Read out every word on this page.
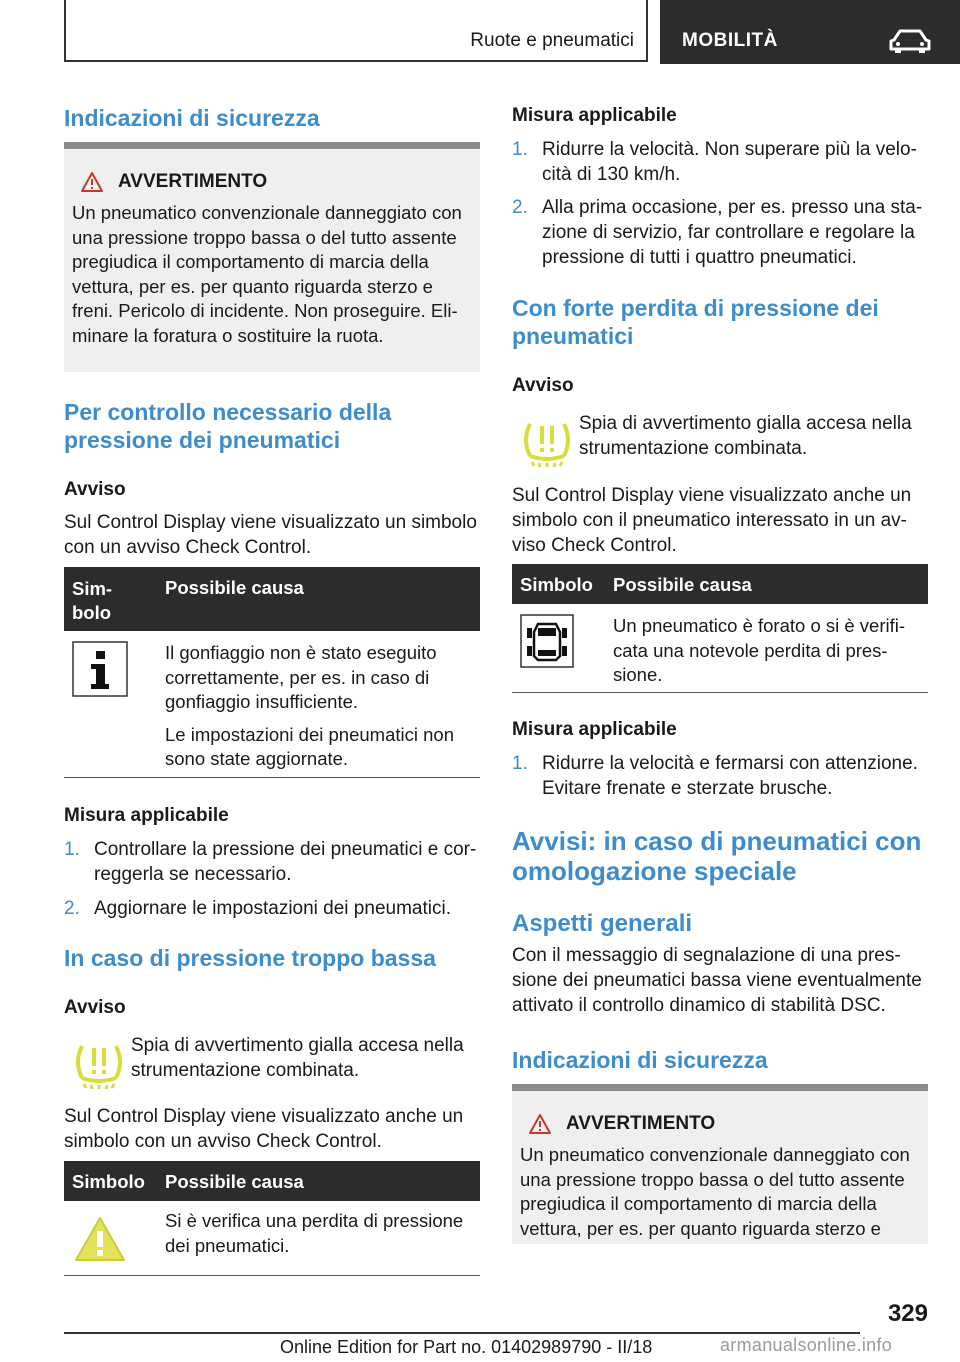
Ruote e pneumatici	MOBILITÀ
Indicazioni di sicurezza
AVVERTIMENTO
Un pneumatico convenzionale danneggiato con
una pressione troppo bassa o del tutto assente
pregiudica il comportamento di marcia della
vettura, per es. per quanto riguarda sterzo e
freni. Pericolo di incidente. Non proseguire. Eli-
minare la foratura o sostituire la ruota.
Per controllo necessario della
pressione dei pneumatici
Avviso
Sul Control Display viene visualizzato un simbolo
con un avviso Check Control.
Sim-
bolo
Possibile causa
Il gonfiaggio non è stato eseguito
correttamente, per es. in caso di
gonfiaggio insufficiente.
Le impostazioni dei pneumatici non
sono state aggiornate.
Misura applicabile
1. Controllare la pressione dei pneumatici e cor-
reggerla se necessario.
2. Aggiornare le impostazioni dei pneumatici.
In caso di pressione troppo bassa
Avviso
Spia di avvertimento gialla accesa nella
strumentazione combinata.
Sul Control Display viene visualizzato anche un
simbolo con un avviso Check Control.
Simbolo Possibile causa
Si è verifica una perdita di pressione
dei pneumatici.
Misura applicabile
1. Ridurre la velocità. Non superare più la velo-
cità di 130 km/h.
2. Alla prima occasione, per es. presso una sta-
zione di servizio, far controllare e regolare la
pressione di tutti i quattro pneumatici.
Con forte perdita di pressione dei
pneumatici
Avviso
Spia di avvertimento gialla accesa nella
strumentazione combinata.
Sul Control Display viene visualizzato anche un
simbolo con il pneumatico interessato in un av-
viso Check Control.
Simbolo Possibile causa
Un pneumatico è forato o si è verifi-
cata una notevole perdita di pres-
sione.
Misura applicabile
1. Ridurre la velocità e fermarsi con attenzione.
Evitare frenate e sterzate brusche.
Avvisi: in caso di pneumatici con
omologazione speciale
Aspetti generali
Con il messaggio di segnalazione di una pres-
sione dei pneumatici bassa viene eventualmente
attivato il controllo dinamico di stabilità DSC.
Indicazioni di sicurezza
AVVERTIMENTO
Un pneumatico convenzionale danneggiato con
una pressione troppo bassa o del tutto assente
pregiudica il comportamento di marcia della
vettura, per es. per quanto riguarda sterzo e
329
Online Edition for Part no. 01402989790 - II/18	armanualsonline.info
